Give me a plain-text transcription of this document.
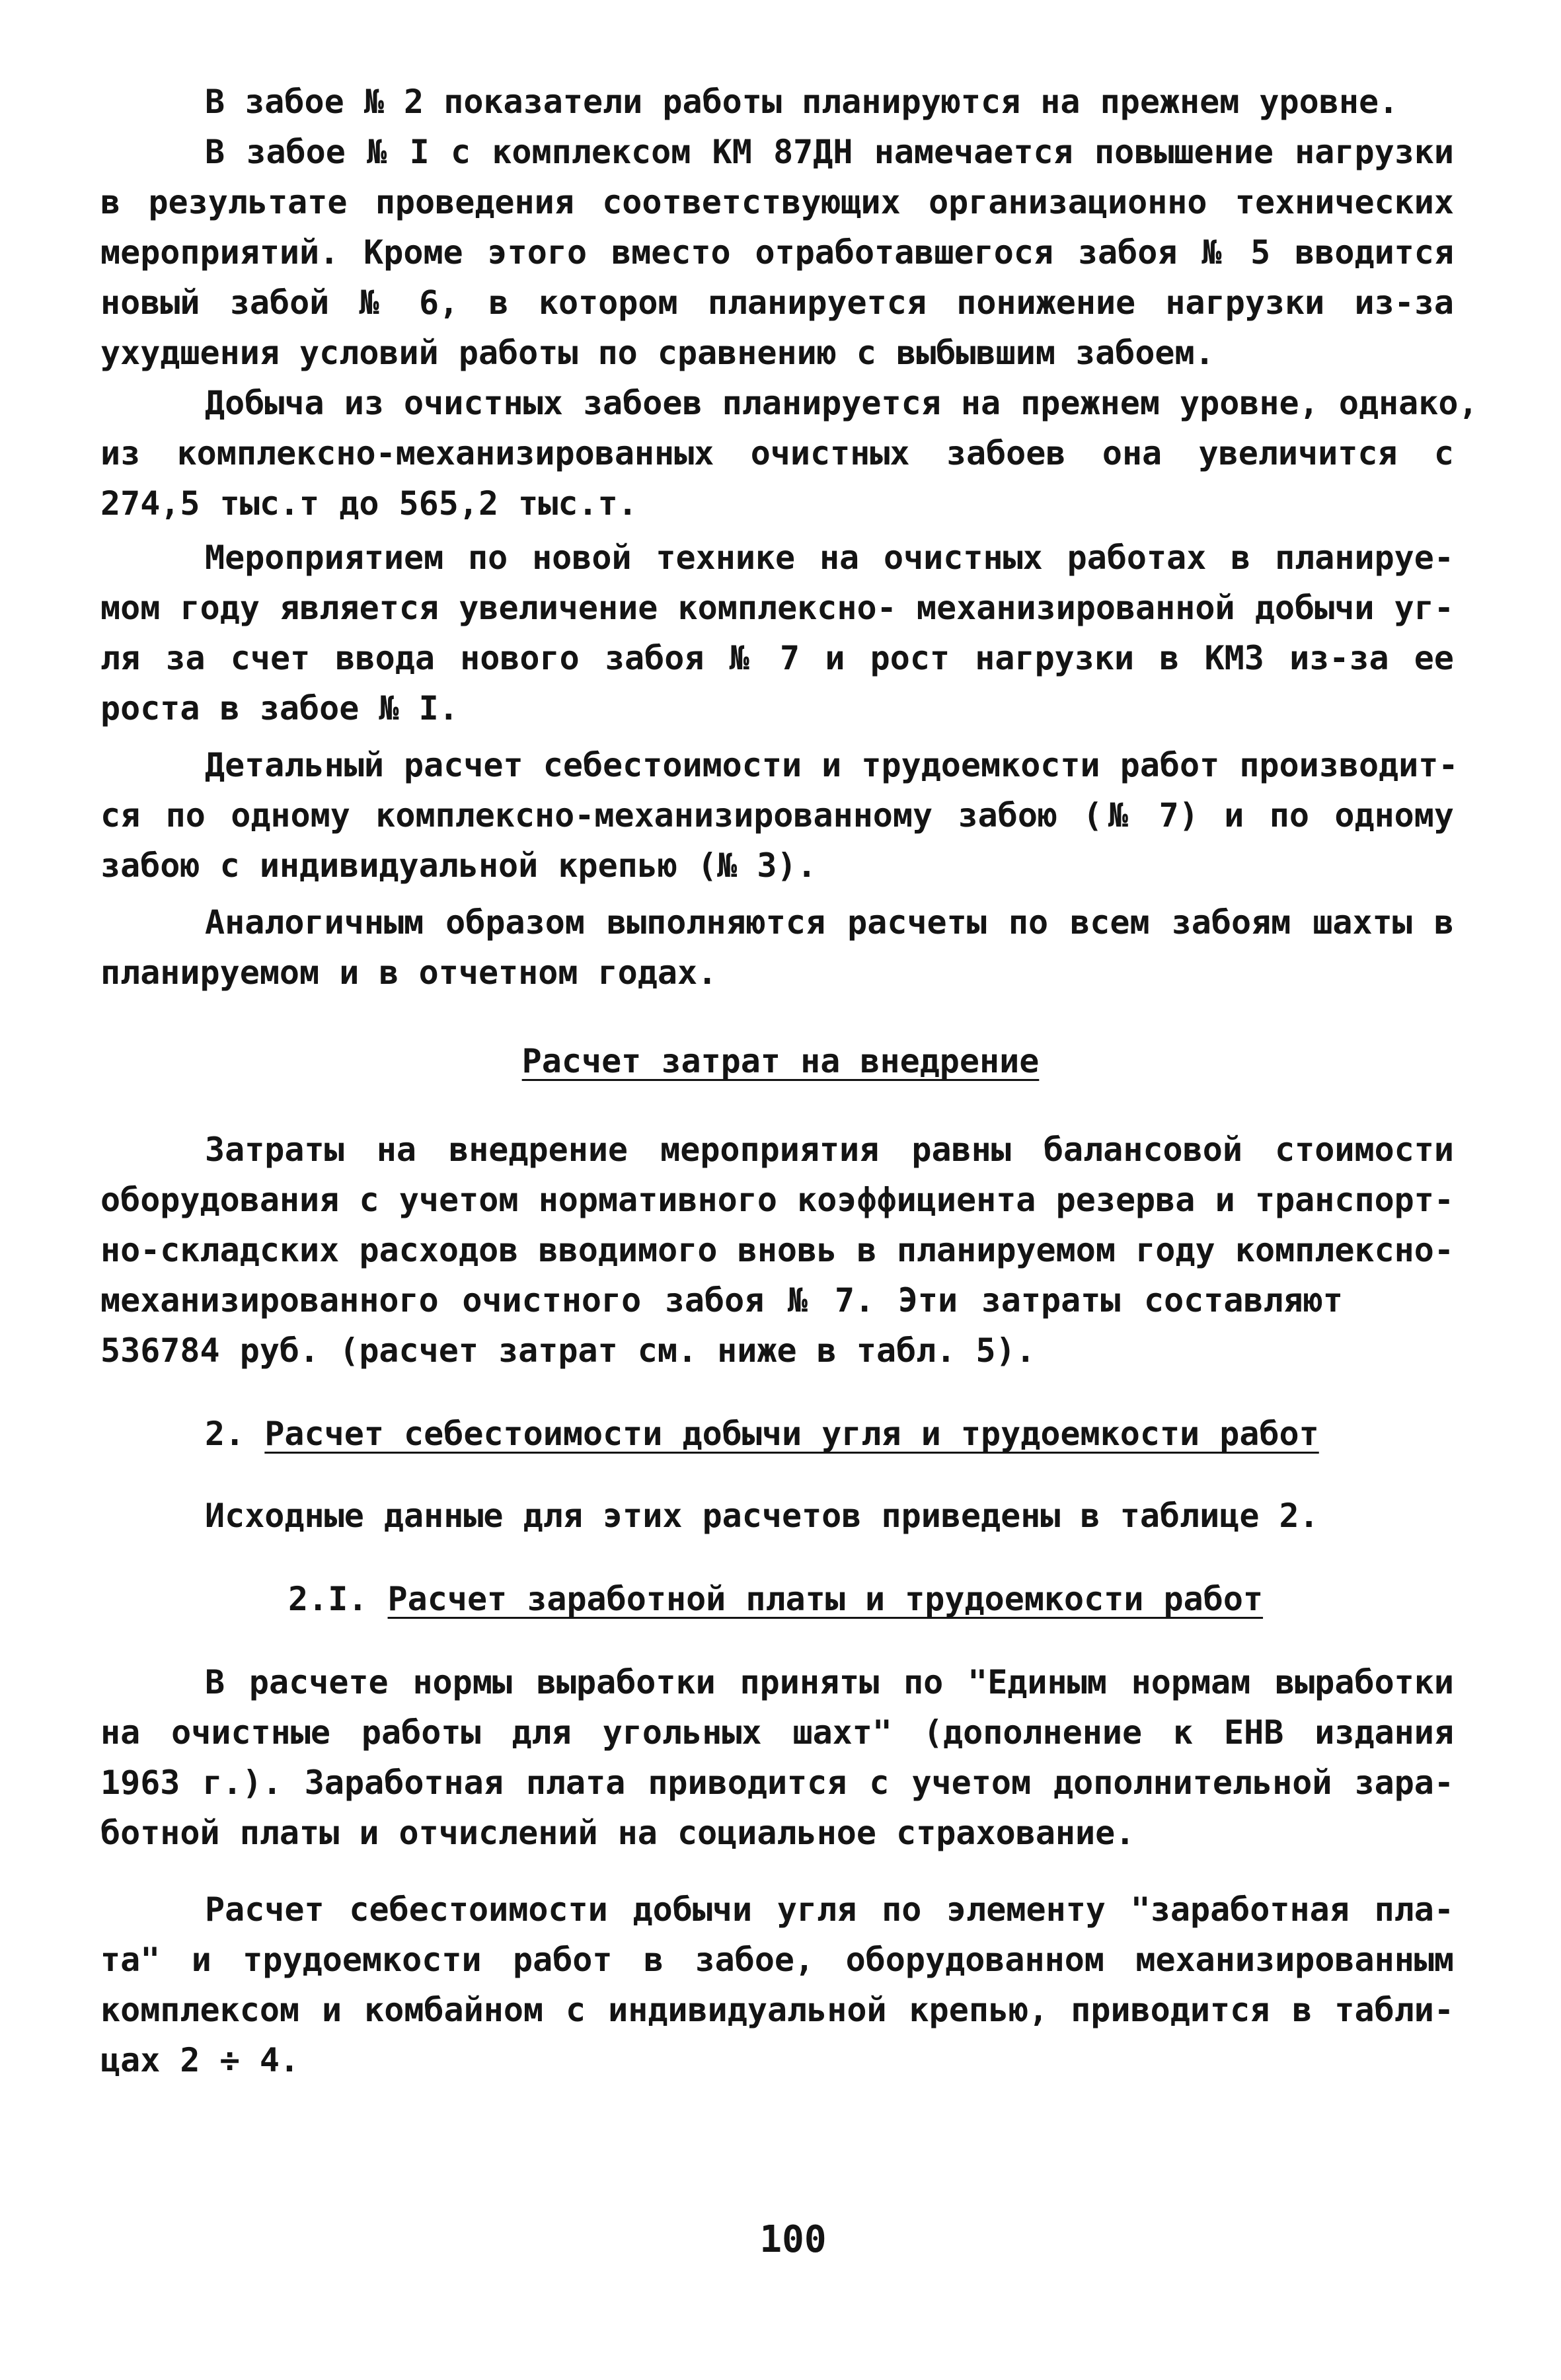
В забое № 2 показатели работы планируются на прежнем уровне.
В забое № I с комплексом КМ 87ДН намечается повышение нагрузки
в результате проведения соответствующих организационно технических
мероприятий. Кроме этого вместо отработавшегося забоя № 5 вводится
новый забой № 6, в котором планируется понижение нагрузки из-за
ухудшения условий работы по сравнению с выбывшим забоем.
Добыча из очистных забоев планируется на прежнем уровне, однако,
из комплексно-механизированных очистных забоев она увеличится с
274,5 тыс.т до 565,2 тыс.т.
Мероприятием по новой технике на очистных работах в планируе-
мом году является увеличение комплексно- механизированной добычи уг-
ля за счет ввода нового забоя № 7 и рост нагрузки в КМЗ из-за ее
роста в забое № I.
Детальный расчет себестоимости и трудоемкости работ производит-
ся по одному комплексно-механизированному забою (№ 7) и по одному
забою с индивидуальной крепью (№ 3).
Аналогичным образом выполняются расчеты по всем забоям шахты в
планируемом и в отчетном годах.
Расчет затрат на внедрение
Затраты на внедрение мероприятия равны балансовой стоимости
оборудования с учетом нормативного коэффициента резерва и транспорт-
но-складских расходов вводимого вновь в планируемом году комплексно-
механизированного очистного забоя № 7. Эти затраты составляют
536784 руб. (расчет затрат см. ниже в табл. 5).
2. Расчет себестоимости добычи угля и трудоемкости работ
Исходные данные для этих расчетов приведены в таблице 2.
2.I. Расчет заработной платы и трудоемкости работ
В расчете нормы выработки приняты по "Единым нормам выработки
на очистные работы для угольных шахт" (дополнение к ЕНВ издания
1963 г.). Заработная плата приводится с учетом дополнительной зара-
ботной платы и отчислений на социальное страхование.
Расчет себестоимости добычи угля по элементу "заработная пла-
та" и трудоемкости работ в забое, оборудованном механизированным
комплексом и комбайном с индивидуальной крепью, приводится в табли-
цах 2 ÷ 4.
100
